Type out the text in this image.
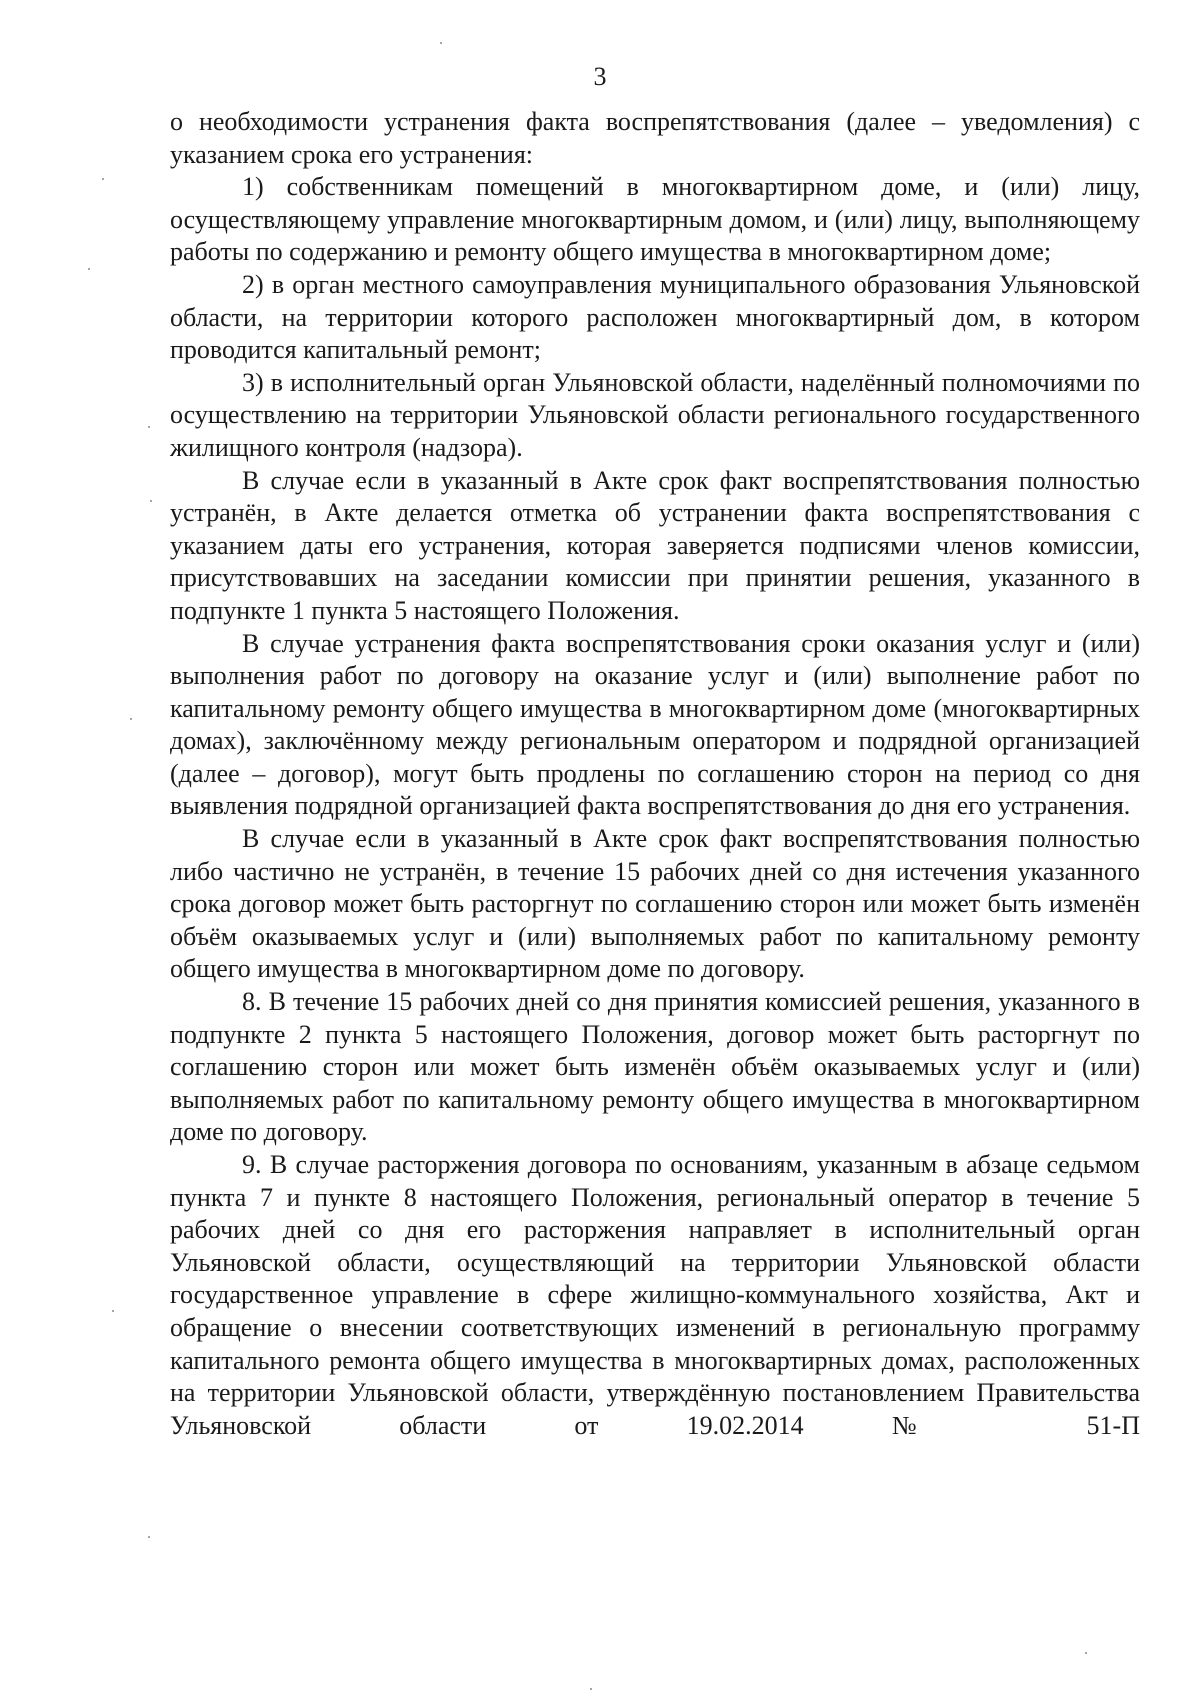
3

о необходимости устранения факта воспрепятствования (далее – уведомления) с указанием срока его устранения:

1) собственникам помещений в многоквартирном доме, и (или) лицу, осуществляющему управление многоквартирным домом, и (или) лицу, выполняющему работы по содержанию и ремонту общего имущества в многоквартирном доме;

2) в орган местного самоуправления муниципального образования Ульяновской области, на территории которого расположен многоквартирный дом, в котором проводится капитальный ремонт;

3) в исполнительный орган Ульяновской области, наделённый полномочиями по осуществлению на территории Ульяновской области регионального государственного жилищного контроля (надзора).

В случае если в указанный в Акте срок факт воспрепятствования полностью устранён, в Акте делается отметка об устранении факта воспрепятствования с указанием даты его устранения, которая заверяется подписями членов комиссии, присутствовавших на заседании комиссии при принятии решения, указанного в подпункте 1 пункта 5 настоящего Положения.

В случае устранения факта воспрепятствования сроки оказания услуг и (или) выполнения работ по договору на оказание услуг и (или) выполнение работ по капитальному ремонту общего имущества в многоквартирном доме (многоквартирных домах), заключённому между региональным оператором и подрядной организацией (далее – договор), могут быть продлены по соглашению сторон на период со дня выявления подрядной организацией факта воспрепятствования до дня его устранения.

В случае если в указанный в Акте срок факт воспрепятствования полностью либо частично не устранён, в течение 15 рабочих дней со дня истечения указанного срока договор может быть расторгнут по соглашению сторон или может быть изменён объём оказываемых услуг и (или) выполняемых работ по капитальному ремонту общего имущества в многоквартирном доме по договору.

8. В течение 15 рабочих дней со дня принятия комиссией решения, указанного в подпункте 2 пункта 5 настоящего Положения, договор может быть расторгнут по соглашению сторон или может быть изменён объём оказываемых услуг и (или) выполняемых работ по капитальному ремонту общего имущества в многоквартирном доме по договору.

9. В случае расторжения договора по основаниям, указанным в абзаце седьмом пункта 7 и пункте 8 настоящего Положения, региональный оператор в течение 5 рабочих дней со дня его расторжения направляет в исполнительный орган Ульяновской области, осуществляющий на территории Ульяновской области государственное управление в сфере жилищно-коммунального хозяйства, Акт и обращение о внесении соответствующих изменений в региональную программу капитального ремонта общего имущества в многоквартирных домах, расположенных на территории Ульяновской области, утверждённую постановлением Правительства Ульяновской области от 19.02.2014 № 51-П
